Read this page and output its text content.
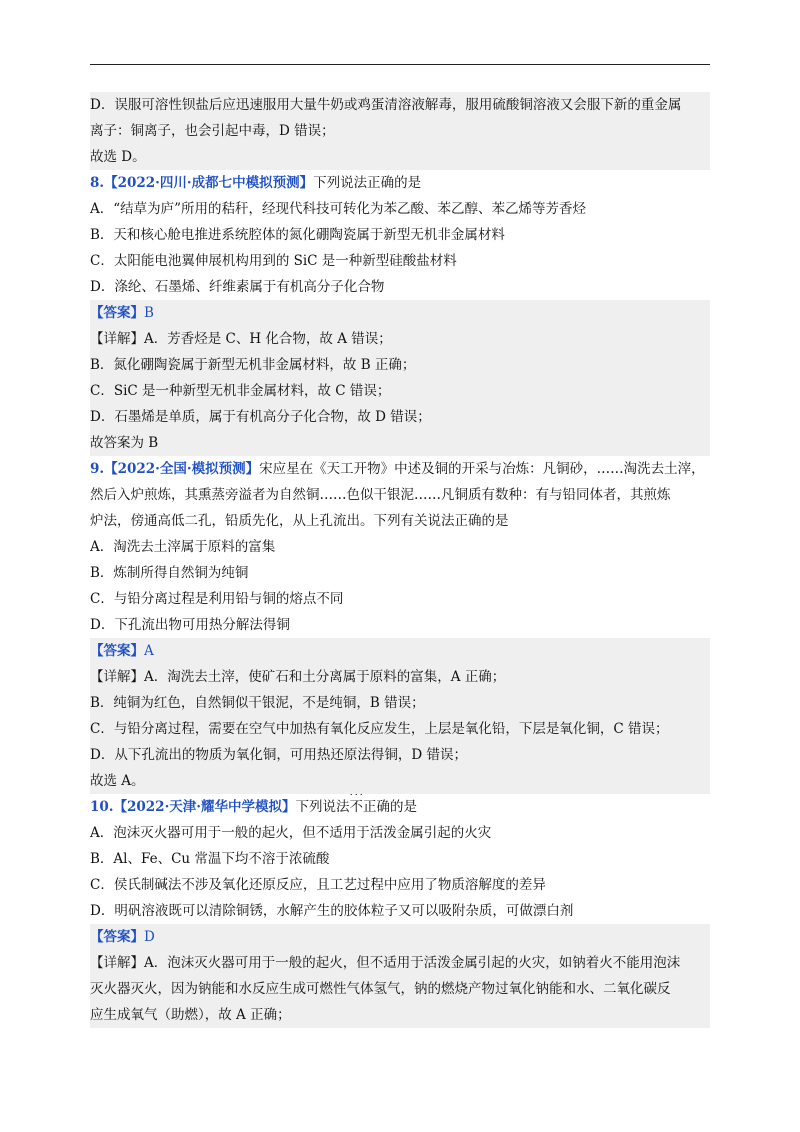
D．误服可溶性钡盐后应迅速服用大量牛奶或鸡蛋清溶液解毒，服用硫酸铜溶液又会服下新的重金属
离子：铜离子，也会引起中毒，D 错误；
故选 D。
8.【2022·四川·成都七中模拟预测】下列说法正确的是
A．“结草为庐”所用的秸秆，经现代科技可转化为苯乙酸、苯乙醇、苯乙烯等芳香烃
B．天和核心舱电推进系统腔体的氮化硼陶瓷属于新型无机非金属材料
C．太阳能电池翼伸展机构用到的 SiC 是一种新型硅酸盐材料
D．涤纶、石墨烯、纤维素属于有机高分子化合物
【答案】B
【详解】A．芳香烃是 C、H 化合物，故 A 错误；
B．氮化硼陶瓷属于新型无机非金属材料，故 B 正确；
C．SiC 是一种新型无机非金属材料，故 C 错误；
D．石墨烯是单质，属于有机高分子化合物，故 D 错误；
故答案为 B
9.【2022·全国·模拟预测】宋应星在《天工开物》中述及铜的开采与冶炼：凡铜砂，……淘洗去土滓，
然后入炉煎炼，其熏蒸旁溢者为自然铜……色似干银泥……凡铜质有数种：有与铅同体者，其煎炼
炉法，傍通高低二孔，铅质先化，从上孔流出。下列有关说法正确的是
A．淘洗去土滓属于原料的富集
B．炼制所得自然铜为纯铜
C．与铅分离过程是利用铅与铜的熔点不同
D．下孔流出物可用热分解法得铜
【答案】A
【详解】A．淘洗去土滓，使矿石和土分离属于原料的富集，A 正确；
B．纯铜为红色，自然铜似干银泥，不是纯铜，B 错误；
C．与铅分离过程，需要在空气中加热有氧化反应发生，上层是氧化铅，下层是氧化铜，C 错误；
D．从下孔流出的物质为氧化铜，可用热还原法得铜，D 错误；
故选 A。
10.【2022·天津·耀华中学模拟】下列说法· · · 不正确的是
A．泡沫灭火器可用于一般的起火，但不适用于活泼金属引起的火灾
B．Al、Fe、Cu 常温下均不溶于浓硫酸
C．侯氏制碱法不涉及氧化还原反应，且工艺过程中应用了物质溶解度的差异
D．明矾溶液既可以清除铜锈，水解产生的胶体粒子又可以吸附杂质，可做漂白剂
【答案】D
【详解】A．泡沫灭火器可用于一般的起火，但不适用于活泼金属引起的火灾，如钠着火不能用泡沫
灭火器灭火，因为钠能和水反应生成可燃性气体氢气，钠的燃烧产物过氧化钠能和水、二氧化碳反
应生成氧气（助燃），故 A 正确；
